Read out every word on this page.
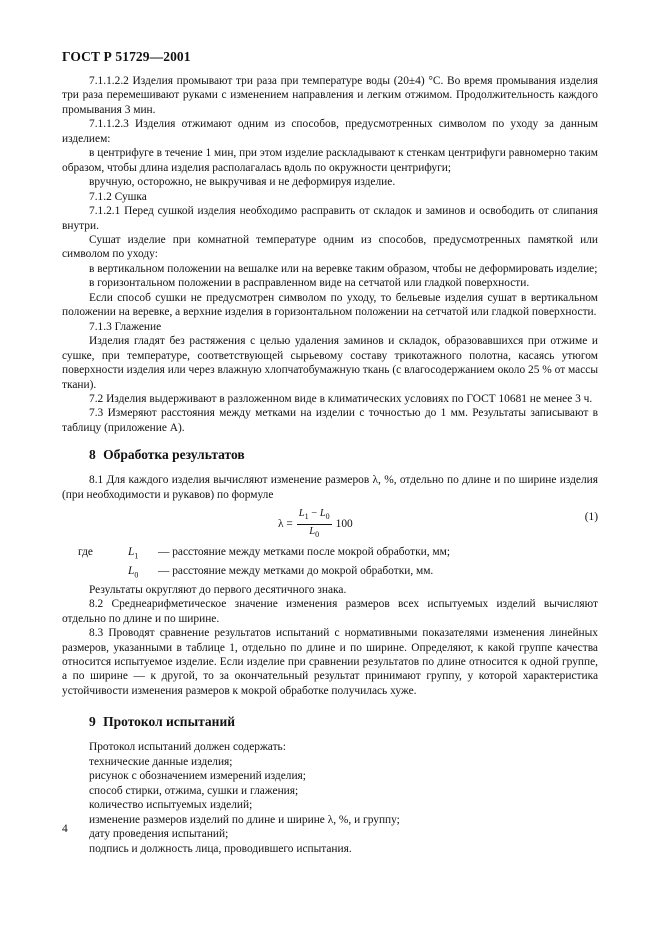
ГОСТ Р 51729—2001

7.1.1.2.2 Изделия промывают три раза при температуре воды (20±4) °С. Во время промывания изделия три раза перемешивают руками с изменением направления и легким отжимом. Продолжительность каждого промывания 3 мин.

7.1.1.2.3 Изделия отжимают одним из способов, предусмотренных символом по уходу за данным изделием:

в центрифуге в течение 1 мин, при этом изделие раскладывают к стенкам центрифуги равномерно таким образом, чтобы длина изделия располагалась вдоль по окружности центрифуги;

вручную, осторожно, не выкручивая и не деформируя изделие.

7.1.2 Сушка

7.1.2.1 Перед сушкой изделия необходимо расправить от складок и заминов и освободить от слипания внутри.

Сушат изделие при комнатной температуре одним из способов, предусмотренных памяткой или символом по уходу:

в вертикальном положении на вешалке или на веревке таким образом, чтобы не деформировать изделие;

в горизонтальном положении в расправленном виде на сетчатой или гладкой поверхности.

Если способ сушки не предусмотрен символом по уходу, то бельевые изделия сушат в вертикальном положении на веревке, а верхние изделия в горизонтальном положении на сетчатой или гладкой поверхности.

7.1.3 Глажение

Изделия гладят без растяжения с целью удаления заминов и складок, образовавшихся при отжиме и сушке, при температуре, соответствующей сырьевому составу трикотажного полотна, касаясь утюгом поверхности изделия или через влажную хлопчатобумажную ткань (с влагосодержанием около 25 % от массы ткани).

7.2 Изделия выдерживают в разложенном виде в климатических условиях по ГОСТ 10681 не менее 3 ч.

7.3 Измеряют расстояния между метками на изделии с точностью до 1 мм. Результаты записывают в таблицу (приложение А).

8 Обработка результатов

8.1 Для каждого изделия вычисляют изменение размеров λ, %, отдельно по длине и по ширине изделия (при необходимости и рукавов) по формуле

$\lambda = \frac{L_1 - L_0}{L_0} 100$
(1)
где	$L_1$	— расстояние между метками после мокрой обработки, мм;
$L_0$	— расстояние между метками до мокрой обработки, мм.

Результаты округляют до первого десятичного знака.

8.2 Среднеарифметическое значение изменения размеров всех испытуемых изделий вычисляют отдельно по длине и по ширине.

8.3 Проводят сравнение результатов испытаний с нормативными показателями изменения линейных размеров, указанными в таблице 1, отдельно по длине и по ширине. Определяют, к какой группе качества относится испытуемое изделие. Если изделие при сравнении результатов по длине относится к одной группе, а по ширине — к другой, то за окончательный результат принимают группу, у которой характеристика устойчивости изменения размеров к мокрой обработке получилась хуже.

9 Протокол испытаний

Протокол испытаний должен содержать:

технические данные изделия;

рисунок с обозначением измерений изделия;

способ стирки, отжима, сушки и глажения;

количество испытуемых изделий;

изменение размеров изделий по длине и ширине λ, %, и группу;

дату проведения испытаний;

подпись и должность лица, проводившего испытания.

4
